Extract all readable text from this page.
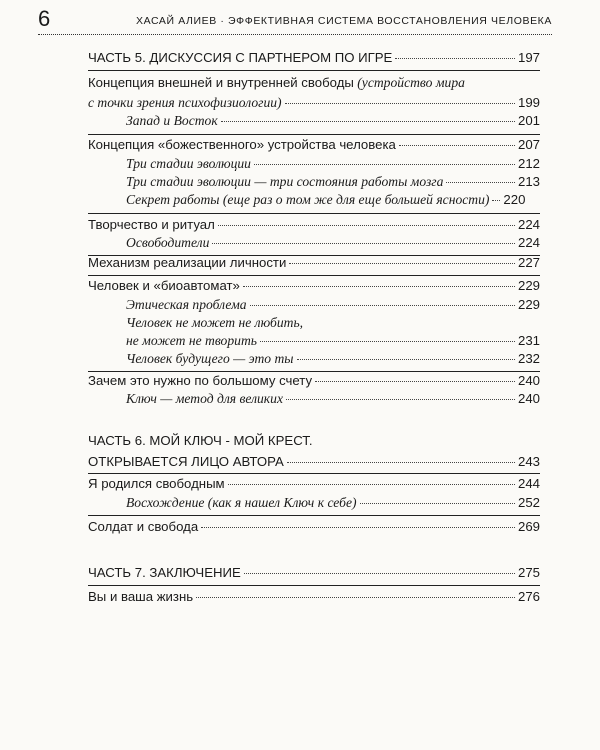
6	ХАСАЙ АЛИЕВ · ЭФФЕКТИВНАЯ СИСТЕМА ВОССТАНОВЛЕНИЯ ЧЕЛОВЕКА
ЧАСТЬ 5. ДИСКУССИЯ С ПАРТНЕРОМ ПО ИГРЕ	197
Концепция внешней и внутренней свободы (устройство мира
с точки зрения психофизиологии)	199
Запад и Восток	201
Концепция «божественного» устройства человека	207
Три стадии эволюции	212
Три стадии эволюции — три состояния работы мозга	213
Секрет работы (еще раз о том же для еще большей ясности) 220
Творчество и ритуал	224
Освободители	224
Механизм реализации личности	227
Человек и «биоавтомат»	229
Этическая проблема	229
Человек не может не любить,
не может не творить	231
Человек будущего — это ты	232
Зачем это нужно по большому счету	240
Ключ — метод для великих	240
ЧАСТЬ 6. МОЙ КЛЮЧ - МОЙ КРЕСТ.
ОТКРЫВАЕТСЯ ЛИЦО АВТОРА	243
Я родился свободным	244
Восхождение (как я нашел Ключ к себе)	252
Солдат и свобода	269
ЧАСТЬ 7. ЗАКЛЮЧЕНИЕ	275
Вы и ваша жизнь	276
